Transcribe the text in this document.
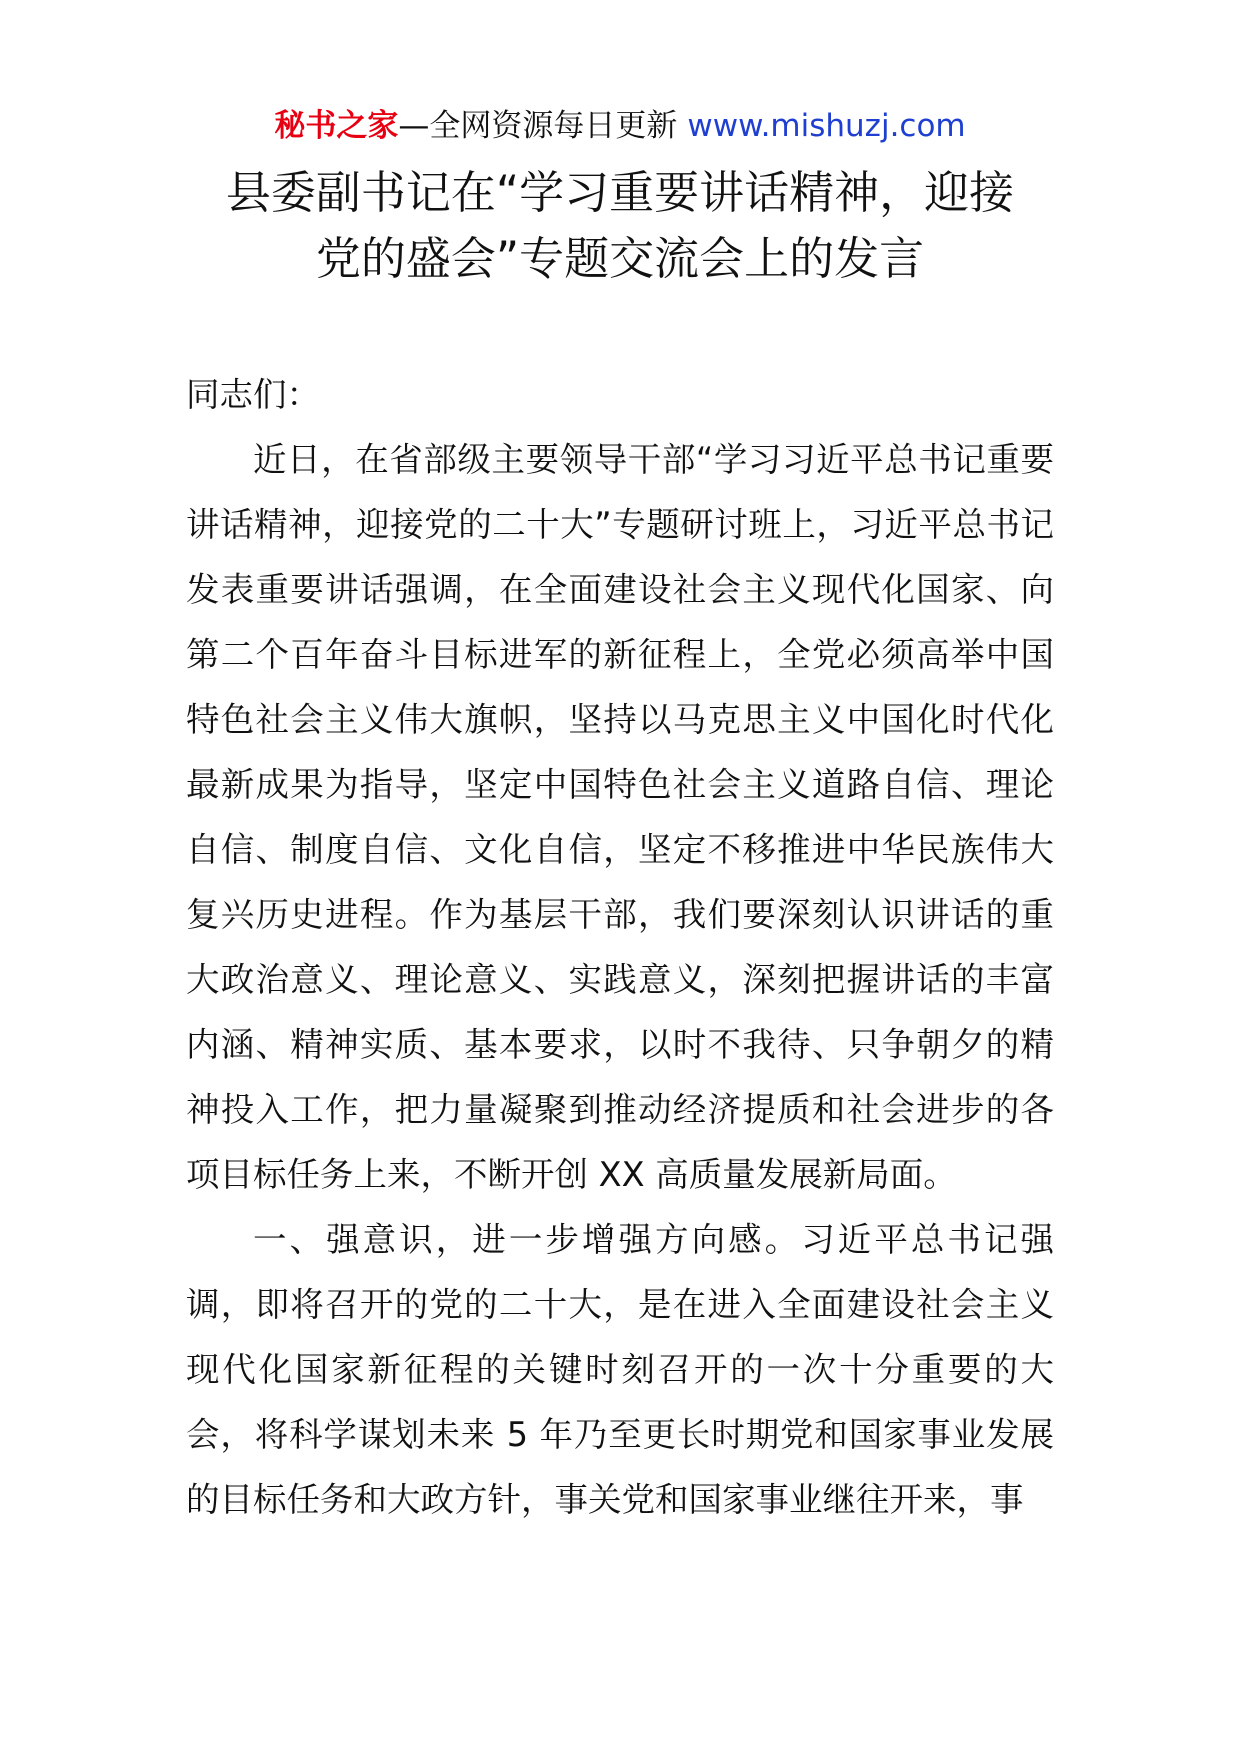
秘书之家—全网资源每日更新 www.mishuzj.com
县委副书记在“学习重要讲话精神，迎接
党的盛会”专题交流会上的发言

同志们：

近日，在省部级主要领导干部“学习习近平总书记重要讲话精神，迎接党的二十大”专题研讨班上，习近平总书记发表重要讲话强调，在全面建设社会主义现代化国家、向第二个百年奋斗目标进军的新征程上，全党必须高举中国特色社会主义伟大旗帜，坚持以马克思主义中国化时代化最新成果为指导，坚定中国特色社会主义道路自信、理论自信、制度自信、文化自信，坚定不移推进中华民族伟大复兴历史进程。作为基层干部，我们要深刻认识讲话的重大政治意义、理论意义、实践意义，深刻把握讲话的丰富内涵、精神实质、基本要求，以时不我待、只争朝夕的精神投入工作，把力量凝聚到推动经济提质和社会进步的各项目标任务上来，不断开创 XX 高质量发展新局面。

一、强意识，进一步增强方向感。习近平总书记强调，即将召开的党的二十大，是在进入全面建设社会主义现代化国家新征程的关键时刻召开的一次十分重要的大会，将科学谋划未来 5 年乃至更长时期党和国家事业发展的目标任务和大政方针，事关党和国家事业继往开来，事
